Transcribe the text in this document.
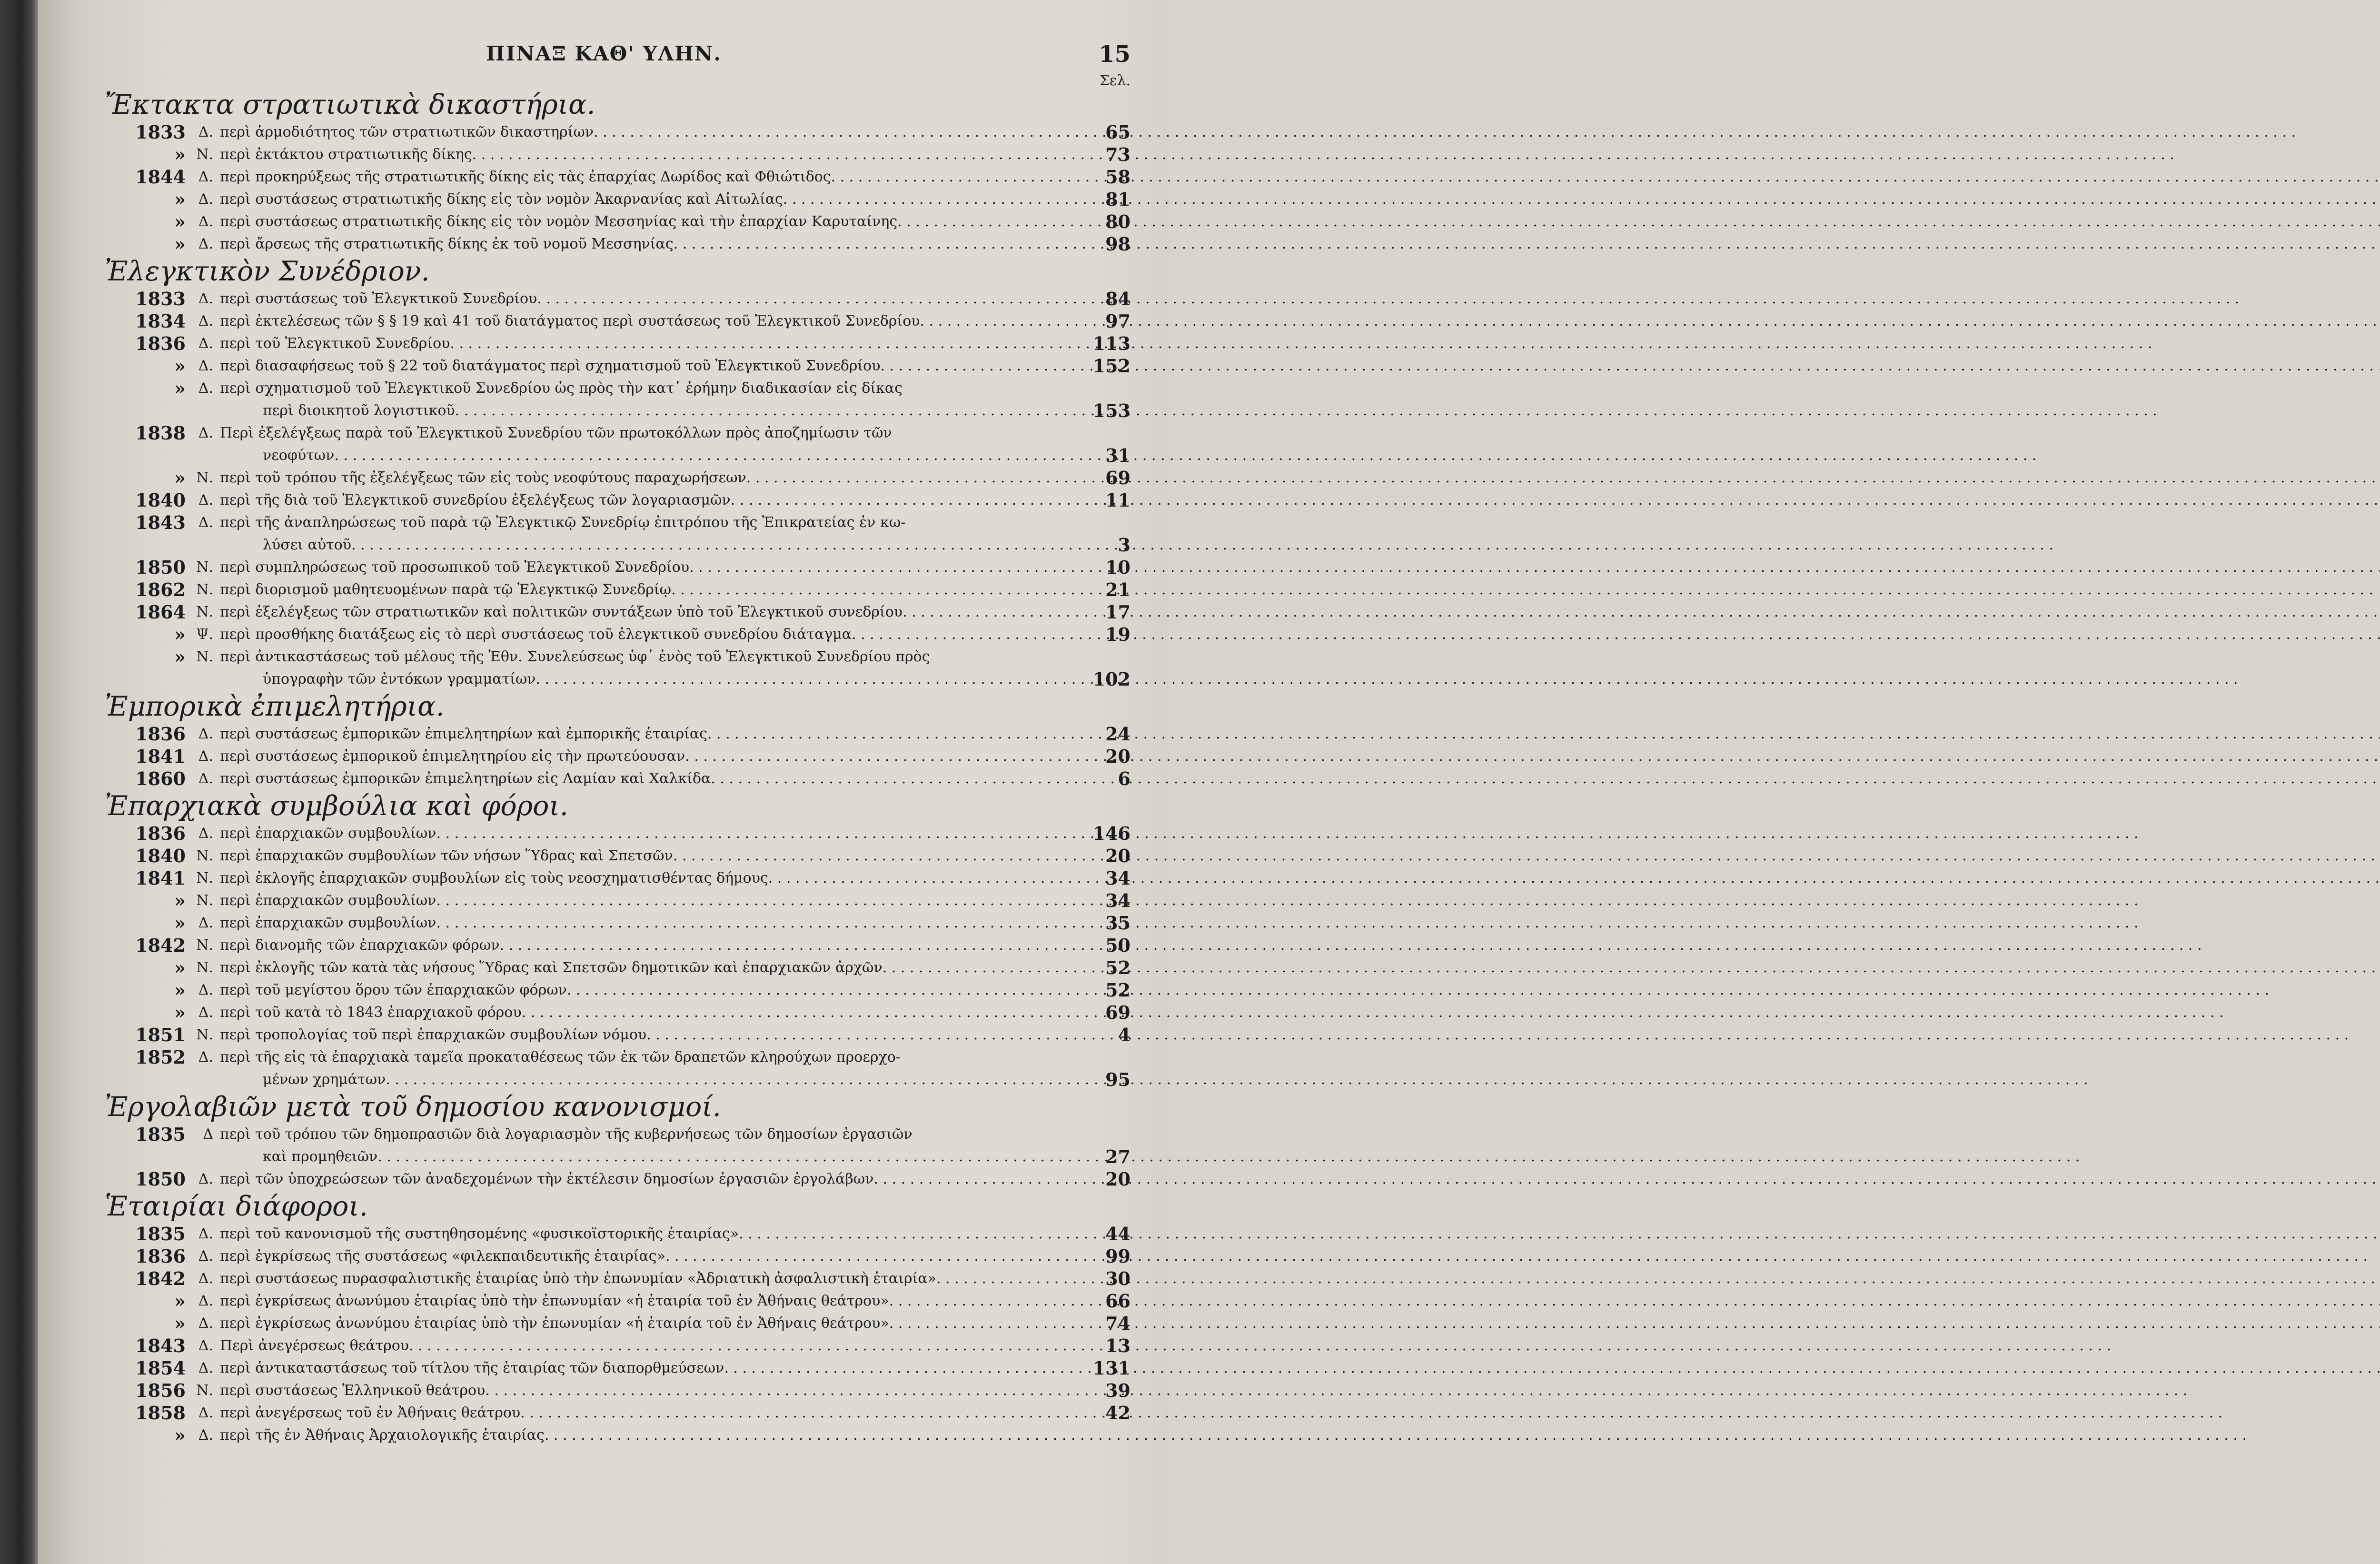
ΠΙΝΑΞ ΚΑΘ' ΥΛΗΝ.	15
Σελ.
Ἔκτακτα στρατιωτικὰ δικαστήρια.
1833 Δ. περὶ ἁρμοδιότητος τῶν στρατιωτικῶν δικαστηρίων . . .	65
» Ν. περὶ ἐκτάκτου στρατιωτικῆς δίκης . . .	73
1844 Δ. περὶ προκηρύξεως τῆς στρατιωτικῆς δίκης εἰς τὰς ἐπαρχίας Δωρίδος καὶ Φθιώτιδος . . .	58
» Δ. περὶ συστάσεως στρατιωτικῆς δίκης εἰς τὸν νομὸν Ἀκαρνανίας καὶ Αἰτωλίας . . .	81
» Δ. περὶ συστάσεως στρατιωτικῆς δίκης εἰς τὸν νομὸν Μεσσηνίας καὶ τὴν ἐπαρχίαν Καρυταίνης . . .	80
» Δ. περὶ ἄρσεως τῆς στρατιωτικῆς δίκης ἐκ τοῦ νομοῦ Μεσσηνίας . . .	98
Ἐλεγκτικὸν Συνέδριον.
1833 Δ. περὶ συστάσεως τοῦ Ἐλεγκτικοῦ Συνεδρίου . . .	84
1834 Δ. περὶ ἐκτελέσεως τῶν § § 19 καὶ 41 τοῦ διατάγματος περὶ συστάσεως τοῦ Ἐλεγκτικοῦ Συνεδρίου . . .	97
1836 Δ. περὶ τοῦ Ἐλεγκτικοῦ Συνεδρίου . . .	113
» Δ. περὶ διασαφήσεως τοῦ § 22 τοῦ διατάγματος περὶ σχηματισμοῦ τοῦ Ἐλεγκτικοῦ Συνεδρίου . . .	152
» Δ. περὶ σχηματισμοῦ τοῦ Ἐλεγκτικοῦ Συνεδρίου ὡς πρὸς τὴν κατ᾽ ἐρήμην διαδικασίαν εἰς δίκας
περὶ διοικητοῦ λογιστικοῦ . . .	153
1838 Δ. Περὶ ἐξελέγξεως παρὰ τοῦ Ἐλεγκτικοῦ Συνεδρίου τῶν πρωτοκόλλων πρὸς ἀποζημίωσιν τῶν
νεοφύτων . . .	31
» Ν. περὶ τοῦ τρόπου τῆς ἐξελέγξεως τῶν εἰς τοὺς νεοφύτους παραχωρήσεων . . .	69
1840 Δ. περὶ τῆς διὰ τοῦ Ἐλεγκτικοῦ συνεδρίου ἐξελέγξεως τῶν λογαριασμῶν . . .	11
1843 Δ. περὶ τῆς ἀναπληρώσεως τοῦ παρὰ τῷ Ἐλεγκτικῷ Συνεδρίῳ ἐπιτρόπου τῆς Ἐπικρατείας ἐν κω-
λύσει αὐτοῦ . . .	3
1850 Ν. περὶ συμπληρώσεως τοῦ προσωπικοῦ τοῦ Ἐλεγκτικοῦ Συνεδρίου . . .	10
1862 Ν. περὶ διορισμοῦ μαθητευομένων παρὰ τῷ Ἐλεγκτικῷ Συνεδρίῳ . . .	21
1864 Ν. περὶ ἐξελέγξεως τῶν στρατιωτικῶν καὶ πολιτικῶν συντάξεων ὑπὸ τοῦ Ἐλεγκτικοῦ συνεδρίου . . .	17
» Ψ. περὶ προσθήκης διατάξεως εἰς τὸ περὶ συστάσεως τοῦ ἐλεγκτικοῦ συνεδρίου διάταγμα . . .	19
» Ν. περὶ ἀντικαστάσεως τοῦ μέλους τῆς Ἐθν. Συνελεύσεως ὑφ᾽ ἑνὸς τοῦ Ἐλεγκτικοῦ Συνεδρίου πρὸς
ὑπογραφὴν τῶν ἐντόκων γραμματίων . . .	102
Ἐμπορικὰ ἐπιμελητήρια.
1836 Δ. περὶ συστάσεως ἐμπορικῶν ἐπιμελητηρίων καὶ ἐμπορικῆς ἑταιρίας . . .	24
1841 Δ. περὶ συστάσεως ἐμπορικοῦ ἐπιμελητηρίου εἰς τὴν πρωτεύουσαν . . .	20
1860 Δ. περὶ συστάσεως ἐμπορικῶν ἐπιμελητηρίων εἰς Λαμίαν καὶ Χαλκίδα . . .	6
Ἐπαρχιακὰ συμβούλια καὶ φόροι.
1836 Δ. περὶ ἐπαρχιακῶν συμβουλίων . . .	146
1840 Ν. περὶ ἐπαρχιακῶν συμβουλίων τῶν νήσων Ὕδρας καὶ Σπετσῶν . . .	20
1841 Ν. περὶ ἐκλογῆς ἐπαρχιακῶν συμβουλίων εἰς τοὺς νεοσχηματισθέντας δήμους . . .	34
» Ν. περὶ ἐπαρχιακῶν συμβουλίων . . .	34
» Δ. περὶ ἐπαρχιακῶν συμβουλίων . . .	35
1842 Ν. περὶ διανομῆς τῶν ἐπαρχιακῶν φόρων . . .	50
» Ν. περὶ ἐκλογῆς τῶν κατὰ τὰς νήσους Ὕδρας καὶ Σπετσῶν δημοτικῶν καὶ ἐπαρχιακῶν ἀρχῶν . . .	52
» Δ. περὶ τοῦ μεγίστου ὅρου τῶν ἐπαρχιακῶν φόρων . . .	52
» Δ. περὶ τοῦ κατὰ τὸ 1843 ἐπαρχιακοῦ φόρου . . .	69
1851 Ν. περὶ τροπολογίας τοῦ περὶ ἐπαρχιακῶν συμβουλίων νόμου . . .	4
1852 Δ. περὶ τῆς εἰς τὰ ἐπαρχιακὰ ταμεῖα προκαταθέσεως τῶν ἐκ τῶν δραπετῶν κληρούχων προερχο-
μένων χρημάτων . . .	95
Ἐργολαβιῶν μετὰ τοῦ δημοσίου κανονισμοί.
1835	Δ περὶ τοῦ τρόπου τῶν δημοπρασιῶν διὰ λογαριασμὸν τῆς κυβερνήσεως τῶν δημοσίων ἐργασιῶν
καὶ προμηθειῶν . . .	27
1850 Δ. περὶ τῶν ὑποχρεώσεων τῶν ἀναδεχομένων τὴν ἐκτέλεσιν δημοσίων ἐργασιῶν ἐργολάβων . . .	20
Ἑταιρίαι διάφοροι.
1835 Δ. περὶ τοῦ κανονισμοῦ τῆς συστηθησομένης «φυσικοϊστορικῆς ἑταιρίας» . . .	44
1836 Δ. περὶ ἐγκρίσεως τῆς συστάσεως «φιλεκπαιδευτικῆς ἑταιρίας» . . .	99
1842 Δ. περὶ συστάσεως πυρασφαλιστικῆς ἑταιρίας ὑπὸ τὴν ἐπωνυμίαν «Ἀδριατικὴ ἀσφαλιστικὴ ἑταιρία» . . .	30
» Δ. περὶ ἐγκρίσεως ἀνωνύμου ἑταιρίας ὑπὸ τὴν ἐπωνυμίαν «ἡ ἑταιρία τοῦ ἐν Ἀθήναις θεάτρου» . . .	66
» Δ. περὶ ἐγκρίσεως ἀνωνύμου ἑταιρίας ὑπὸ τὴν ἐπωνυμίαν «ἡ ἑταιρία τοῦ ἐν Ἀθήναις θεάτρου» . . .	74
1843 Δ. Περὶ ἀνεγέρσεως θεάτρου . . .	13
1854 Δ. περὶ ἀντικαταστάσεως τοῦ τίτλου τῆς ἑταιρίας τῶν διαπορθμεύσεων . . .	131
1856 Ν. περὶ συστάσεως Ἑλληνικοῦ θεάτρου . . .	39
1858 Δ. περὶ ἀνεγέρσεως τοῦ ἐν Ἀθήναις θεάτρου . . .	42
» Δ. περὶ τῆς ἐν Ἀθήναις Ἀρχαιολογικῆς ἑταιρίας
. . .
